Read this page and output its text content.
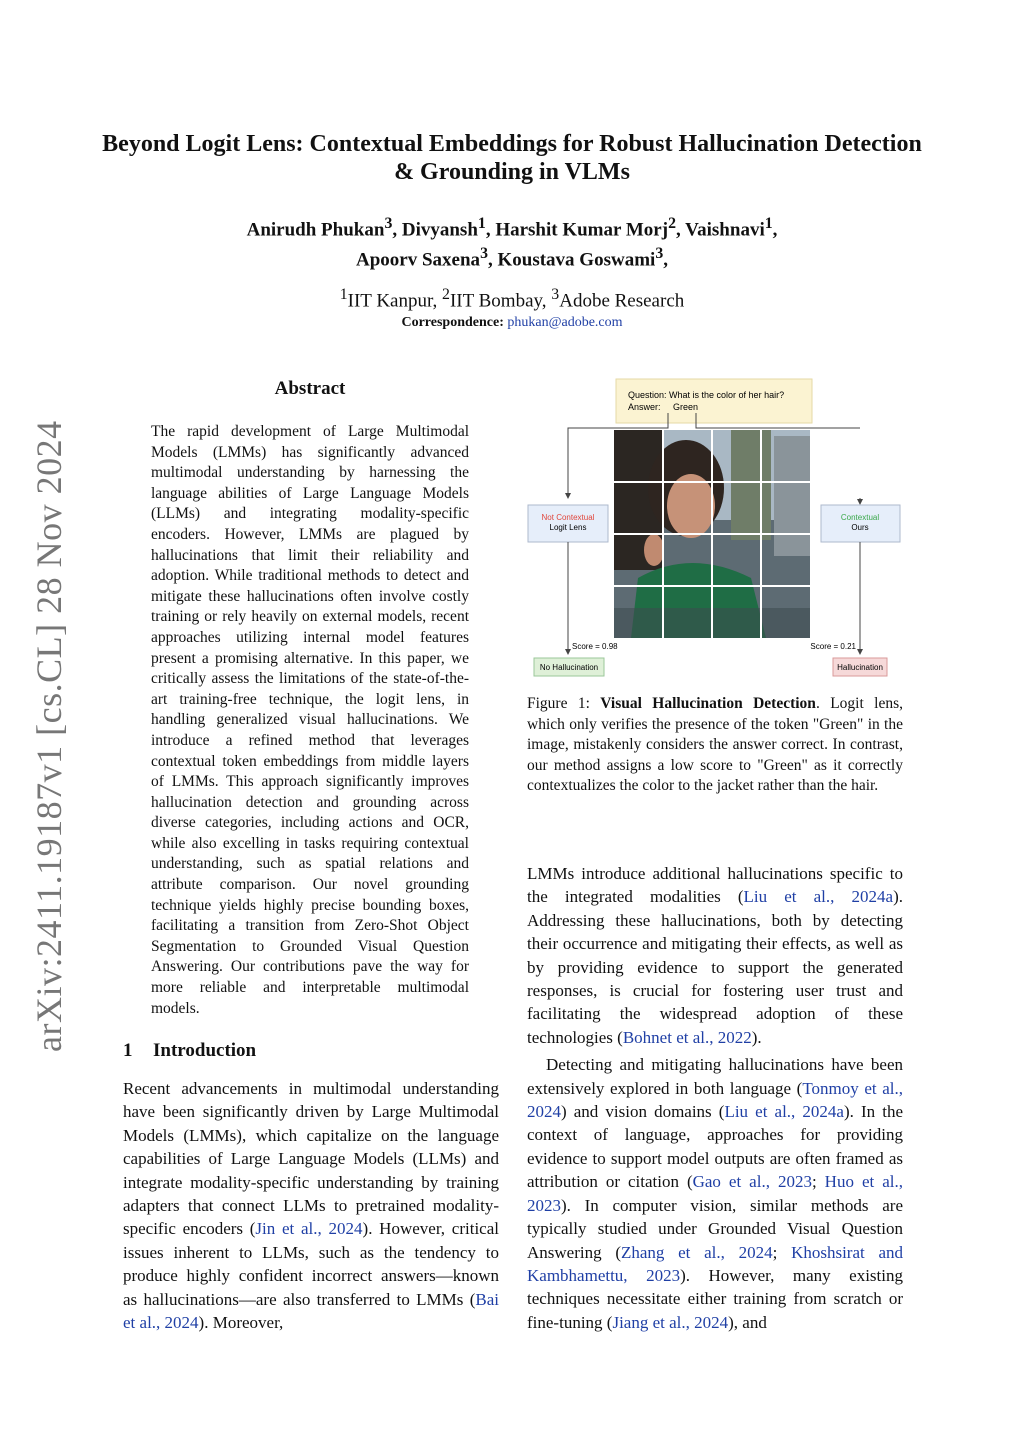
arXiv:2411.19187v1 [cs.CL] 28 Nov 2024
Beyond Logit Lens: Contextual Embeddings for Robust Hallucination Detection & Grounding in VLMs
Anirudh Phukan$^3$, Divyansh$^1$, Harshit Kumar Morj$^2$, Vaishnavi$^1$,
Apoorv Saxena$^3$, Koustava Goswami$^3$,
$^1$IIT Kanpur, $^2$IIT Bombay, $^3$Adobe Research
Correspondence: phukan@adobe.com
Abstract
The rapid development of Large Multimodal Models (LMMs) has significantly advanced multimodal understanding by harnessing the language abilities of Large Language Models (LLMs) and integrating modality-specific encoders. However, LMMs are plagued by hallucinations that limit their reliability and adoption. While traditional methods to detect and mitigate these hallucinations often involve costly training or rely heavily on external models, recent approaches utilizing internal model features present a promising alternative. In this paper, we critically assess the limitations of the state-of-the-art training-free technique, the logit lens, in handling generalized visual hallucinations. We introduce a refined method that leverages contextual token embeddings from middle layers of LMMs. This approach significantly improves hallucination detection and grounding across diverse categories, including actions and OCR, while also excelling in tasks requiring contextual understanding, such as spatial relations and attribute comparison. Our novel grounding technique yields highly precise bounding boxes, facilitating a transition from Zero-Shot Object Segmentation to Grounded Visual Question Answering. Our contributions pave the way for more reliable and interpretable multimodal models.
1 Introduction
Recent advancements in multimodal understanding have been significantly driven by Large Multimodal Models (LMMs), which capitalize on the language capabilities of Large Language Models (LLMs) and integrate modality-specific understanding by training adapters that connect LLMs to pretrained modality-specific encoders (Jin et al., 2024). However, critical issues inherent to LLMs, such as the tendency to produce highly confident incorrect answers—known as hallucinations—are also transferred to LMMs (Bai et al., 2024). Moreover,
Question: What is the color of her hair?
Answer: Green
Not Contextual
Logit Lens
Contextual
Ours
Score = 0.98	Score = 0.21
No Hallucination	Hallucination
Figure 1: Visual Hallucination Detection. Logit lens, which only verifies the presence of the token "Green" in the image, mistakenly considers the answer correct. In contrast, our method assigns a low score to "Green" as it correctly contextualizes the color to the jacket rather than the hair.

LMMs introduce additional hallucinations specific to the integrated modalities (Liu et al., 2024a). Addressing these hallucinations, both by detecting their occurrence and mitigating their effects, as well as by providing evidence to support the generated responses, is crucial for fostering user trust and facilitating the widespread adoption of these technologies (Bohnet et al., 2022).

Detecting and mitigating hallucinations have been extensively explored in both language (Tonmoy et al., 2024) and vision domains (Liu et al., 2024a). In the context of language, approaches for providing evidence to support model outputs are often framed as attribution or citation (Gao et al., 2023; Huo et al., 2023). In computer vision, similar methods are typically studied under Grounded Visual Question Answering (Zhang et al., 2024; Khoshsirat and Kambhamettu, 2023). However, many existing techniques necessitate either training from scratch or fine-tuning (Jiang et al., 2024), and
